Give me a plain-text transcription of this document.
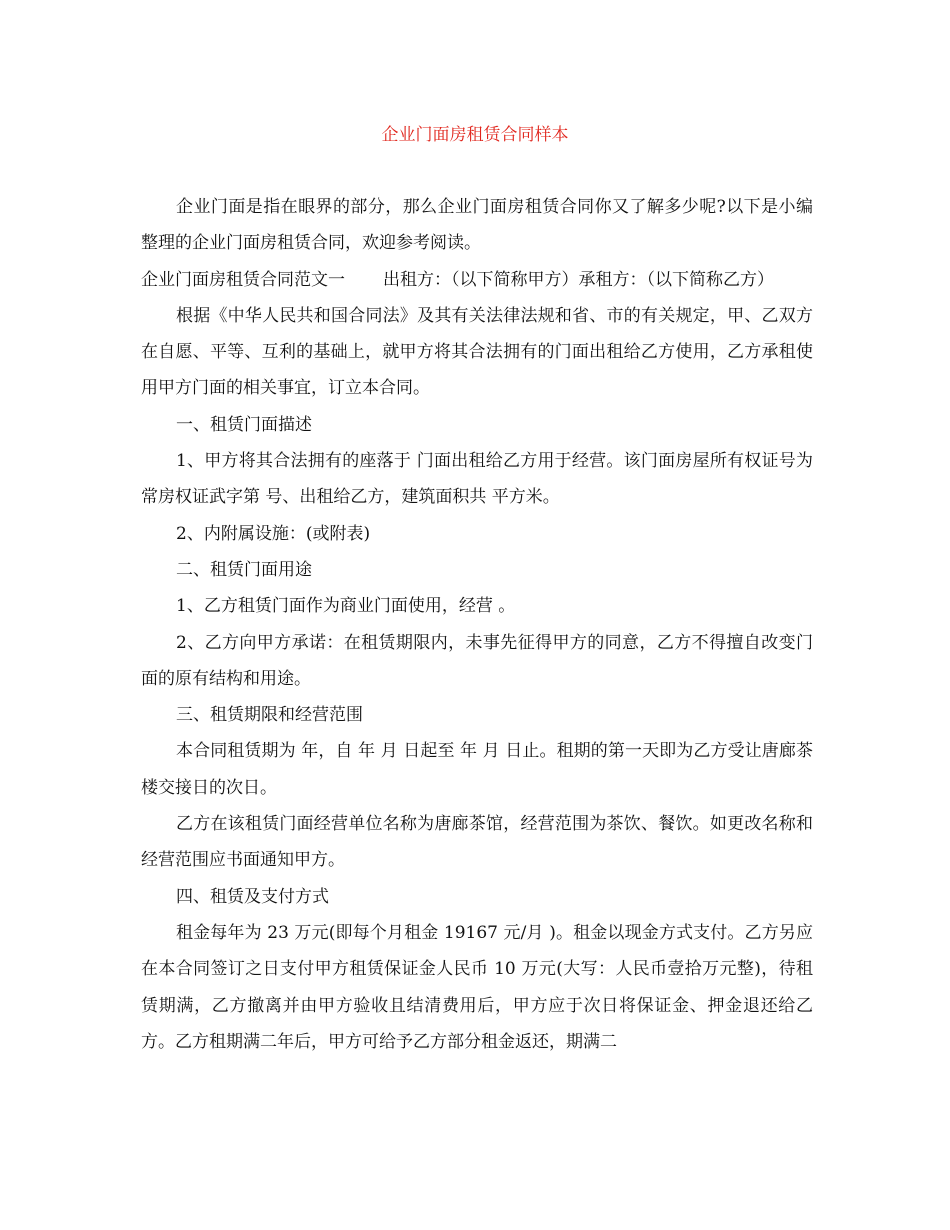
企业门面房租赁合同样本

企业门面是指在眼界的部分，那么企业门面房租赁合同你又了解多少呢?以下是小编整理的企业门面房租赁合同，欢迎参考阅读。

企业门面房租赁合同范文一 出租方：（以下简称甲方）承租方：（以下简称乙方）

根据《中华人民共和国合同法》及其有关法律法规和省、市的有关规定，甲、乙双方在自愿、平等、互利的基础上，就甲方将其合法拥有的门面出租给乙方使用，乙方承租使用甲方门面的相关事宜，订立本合同。

一、租赁门面描述

1、甲方将其合法拥有的座落于 门面出租给乙方用于经营。该门面房屋所有权证号为常房权证武字第 号、出租给乙方，建筑面积共 平方米。

2、内附属设施：(或附表)

二、租赁门面用途

1、乙方租赁门面作为商业门面使用，经营 。

2、乙方向甲方承诺：在租赁期限内，未事先征得甲方的同意，乙方不得擅自改变门面的原有结构和用途。

三、租赁期限和经营范围

本合同租赁期为 年，自 年 月 日起至 年 月 日止。租期的第一天即为乙方受让唐廊茶楼交接日的次日。

乙方在该租赁门面经营单位名称为唐廊茶馆，经营范围为茶饮、餐饮。如更改名称和经营范围应书面通知甲方。

四、租赁及支付方式

租金每年为 23 万元(即每个月租金 19167 元/月 )。租金以现金方式支付。乙方另应在本合同签订之日支付甲方租赁保证金人民币 10 万元(大写：人民币壹拾万元整)，待租赁期满，乙方撤离并由甲方验收且结清费用后，甲方应于次日将保证金、押金退还给乙方。乙方租期满二年后，甲方可给予乙方部分租金返还，期满二
